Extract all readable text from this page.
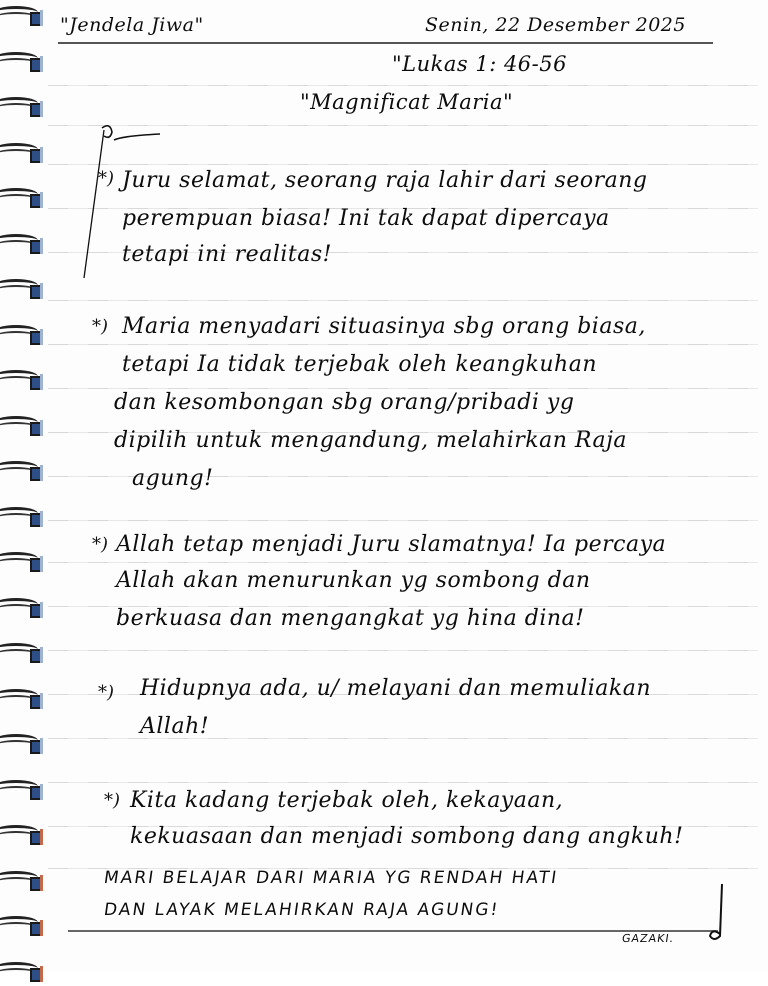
"Jendela Jiwa"	Senin, 22 Desember 2025
"Lukas 1: 46-56
"Magnificat Maria"
*) Juru selamat, seorang raja lahir dari seorang
perempuan biasa! Ini tak dapat dipercaya
tetapi ini realitas!
*) Maria menyadari situasinya sbg orang biasa,
tetapi Ia tidak terjebak oleh keangkuhan
dan kesombongan sbg orang/pribadi yg
dipilih untuk mengandung, melahirkan Raja
agung!
*) Allah tetap menjadi Juru slamatnya! Ia percaya
Allah akan menurunkan yg sombong dan
berkuasa dan mengangkat yg hina dina!
*) Hidupnya ada, u/ melayani dan memuliakan
Allah!
*) Kita kadang terjebak oleh, kekayaan,
kekuasaan dan menjadi sombong dang angkuh!
MARI BELAJAR DARI MARIA YG RENDAH HATI
DAN LAYAK MELAHIRKAN RAJA AGUNG!
GAZAKI.
